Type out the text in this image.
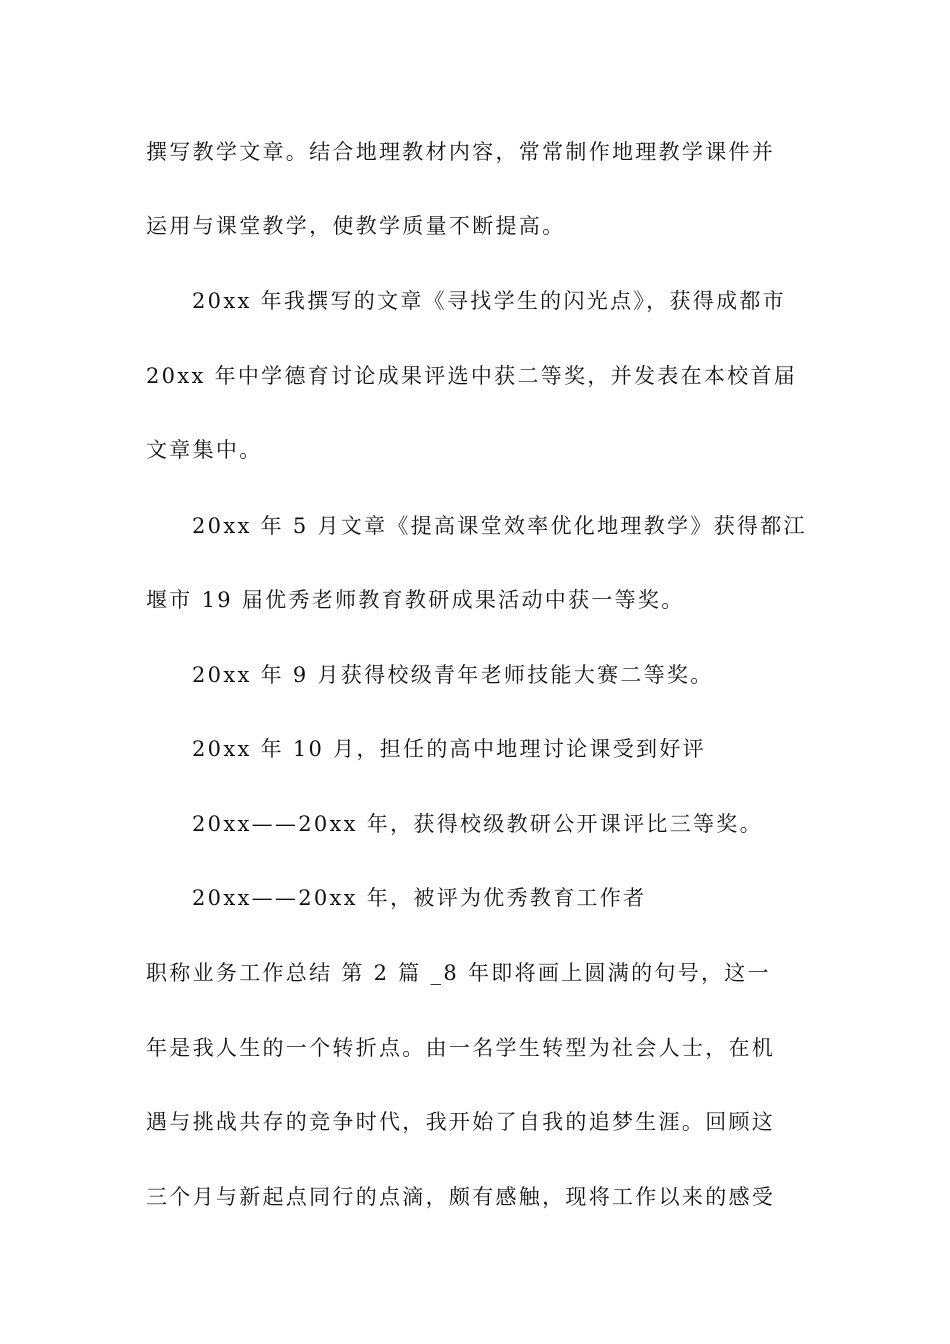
撰写教学文章。结合地理教材内容，常常制作地理教学课件并
运用与课堂教学，使教学质量不断提高。
20xx 年我撰写的文章《寻找学生的闪光点》，获得成都市
20xx 年中学德育讨论成果评选中获二等奖，并发表在本校首届
文章集中。
20xx 年 5 月文章《提高课堂效率优化地理教学》获得都江
堰市 19 届优秀老师教育教研成果活动中获一等奖。
20xx 年 9 月获得校级青年老师技能大赛二等奖。
20xx 年 10 月，担任的高中地理讨论课受到好评
20xx——20xx 年，获得校级教研公开课评比三等奖。
20xx——20xx 年，被评为优秀教育工作者
职称业务工作总结 第 2 篇 _8 年即将画上圆满的句号，这一
年是我人生的一个转折点。由一名学生转型为社会人士，在机
遇与挑战共存的竞争时代，我开始了自我的追梦生涯。回顾这
三个月与新起点同行的点滴，颇有感触，现将工作以来的感受
